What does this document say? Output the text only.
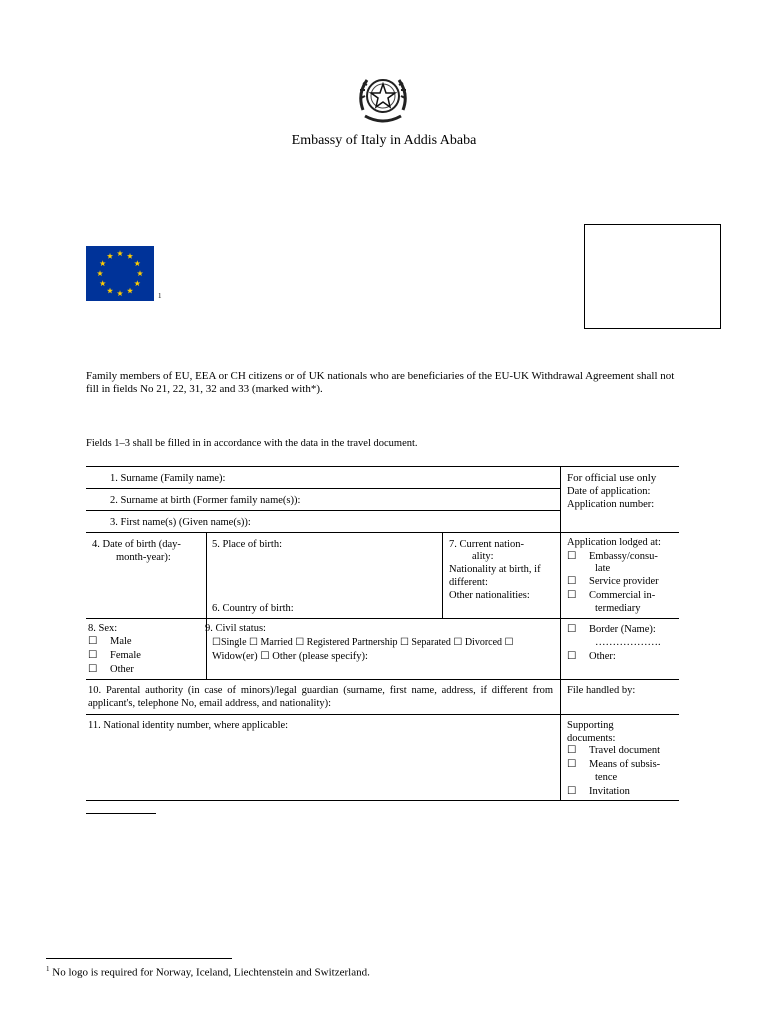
Embassy of Italy in Addis Ababa
1
Family members of EU, EEA or CH citizens or of UK nationals who are beneficiaries of the EU-UK Withdrawal Agreement shall not fill in fields No 21, 22, 31, 32 and 33 (marked with*).
Fields 1–3 shall be filled in in accordance with the data in the travel document.
1. Surname (Family name):
2. Surname at birth (Former family name(s)):
3. First name(s) (Given name(s)):
4. Date of birth (day-
month-year):
5. Place of birth:
6. Country of birth:
7. Current nation-
ality:
Nationality at birth, if
different:
Other nationalities:
8. Sex:
☐ Male
☐ Female
☐ Other
9. Civil status:
☐Single ☐ Married ☐ Registered Partnership ☐ Separated ☐ Divorced ☐
Widow(er) ☐ Other (please specify):
10. Parental authority (in case of minors)/legal guardian (surname, first name, address, if different from applicant's, telephone No, email address, and nationality):
11. National identity number, where applicable:
For official use only
Date of application:
Application number:
Application lodged at:
☐ Embassy/consu-
late
☐ Service provider
☐ Commercial in-
termediary
☐ Border (Name):
……………….
☐ Other:
File handled by:
Supporting
documents:
☐ Travel document
☐ Means of subsis-
tence
☐ Invitation
$^1$ No logo is required for Norway, Iceland, Liechtenstein and Switzerland.
